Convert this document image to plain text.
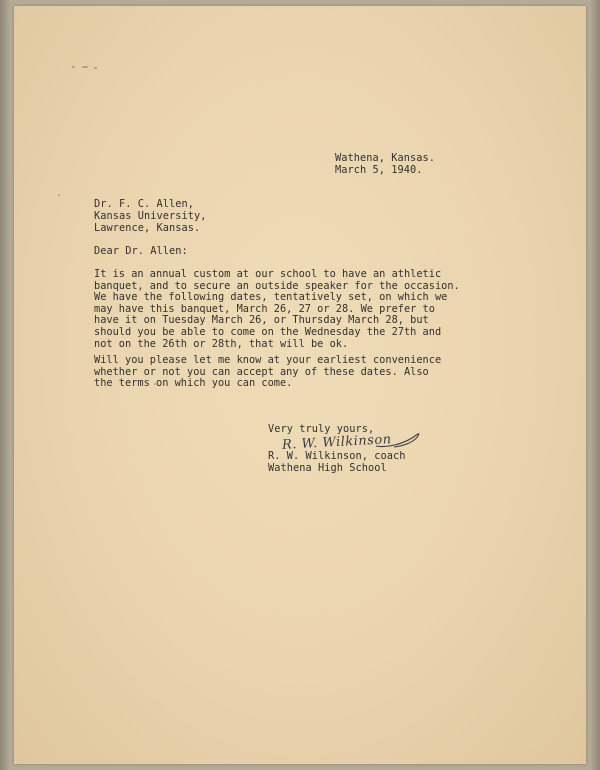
Wathena, Kansas.
March 5, 1940.
Dr. F. C. Allen,
Kansas University,
Lawrence, Kansas.
Dear Dr. Allen:
It is an annual custom at our school to have an athletic
banquet, and to secure an outside speaker for the occasion.
We have the following dates, tentatively set, on which we
may have this banquet, March 26, 27 or 28. We prefer to
have it on Tuesday March 26, or Thursday March 28, but
should you be able to come on the Wednesday the 27th and
not on the 26th or 28th, that will be ok.
Will you please let me know at your earliest convenience
whether or not you can accept any of these dates. Also
the terms on which you can come.
Very truly yours,
R. W. Wilkinson
R. W. Wilkinson, coach
Wathena High School
